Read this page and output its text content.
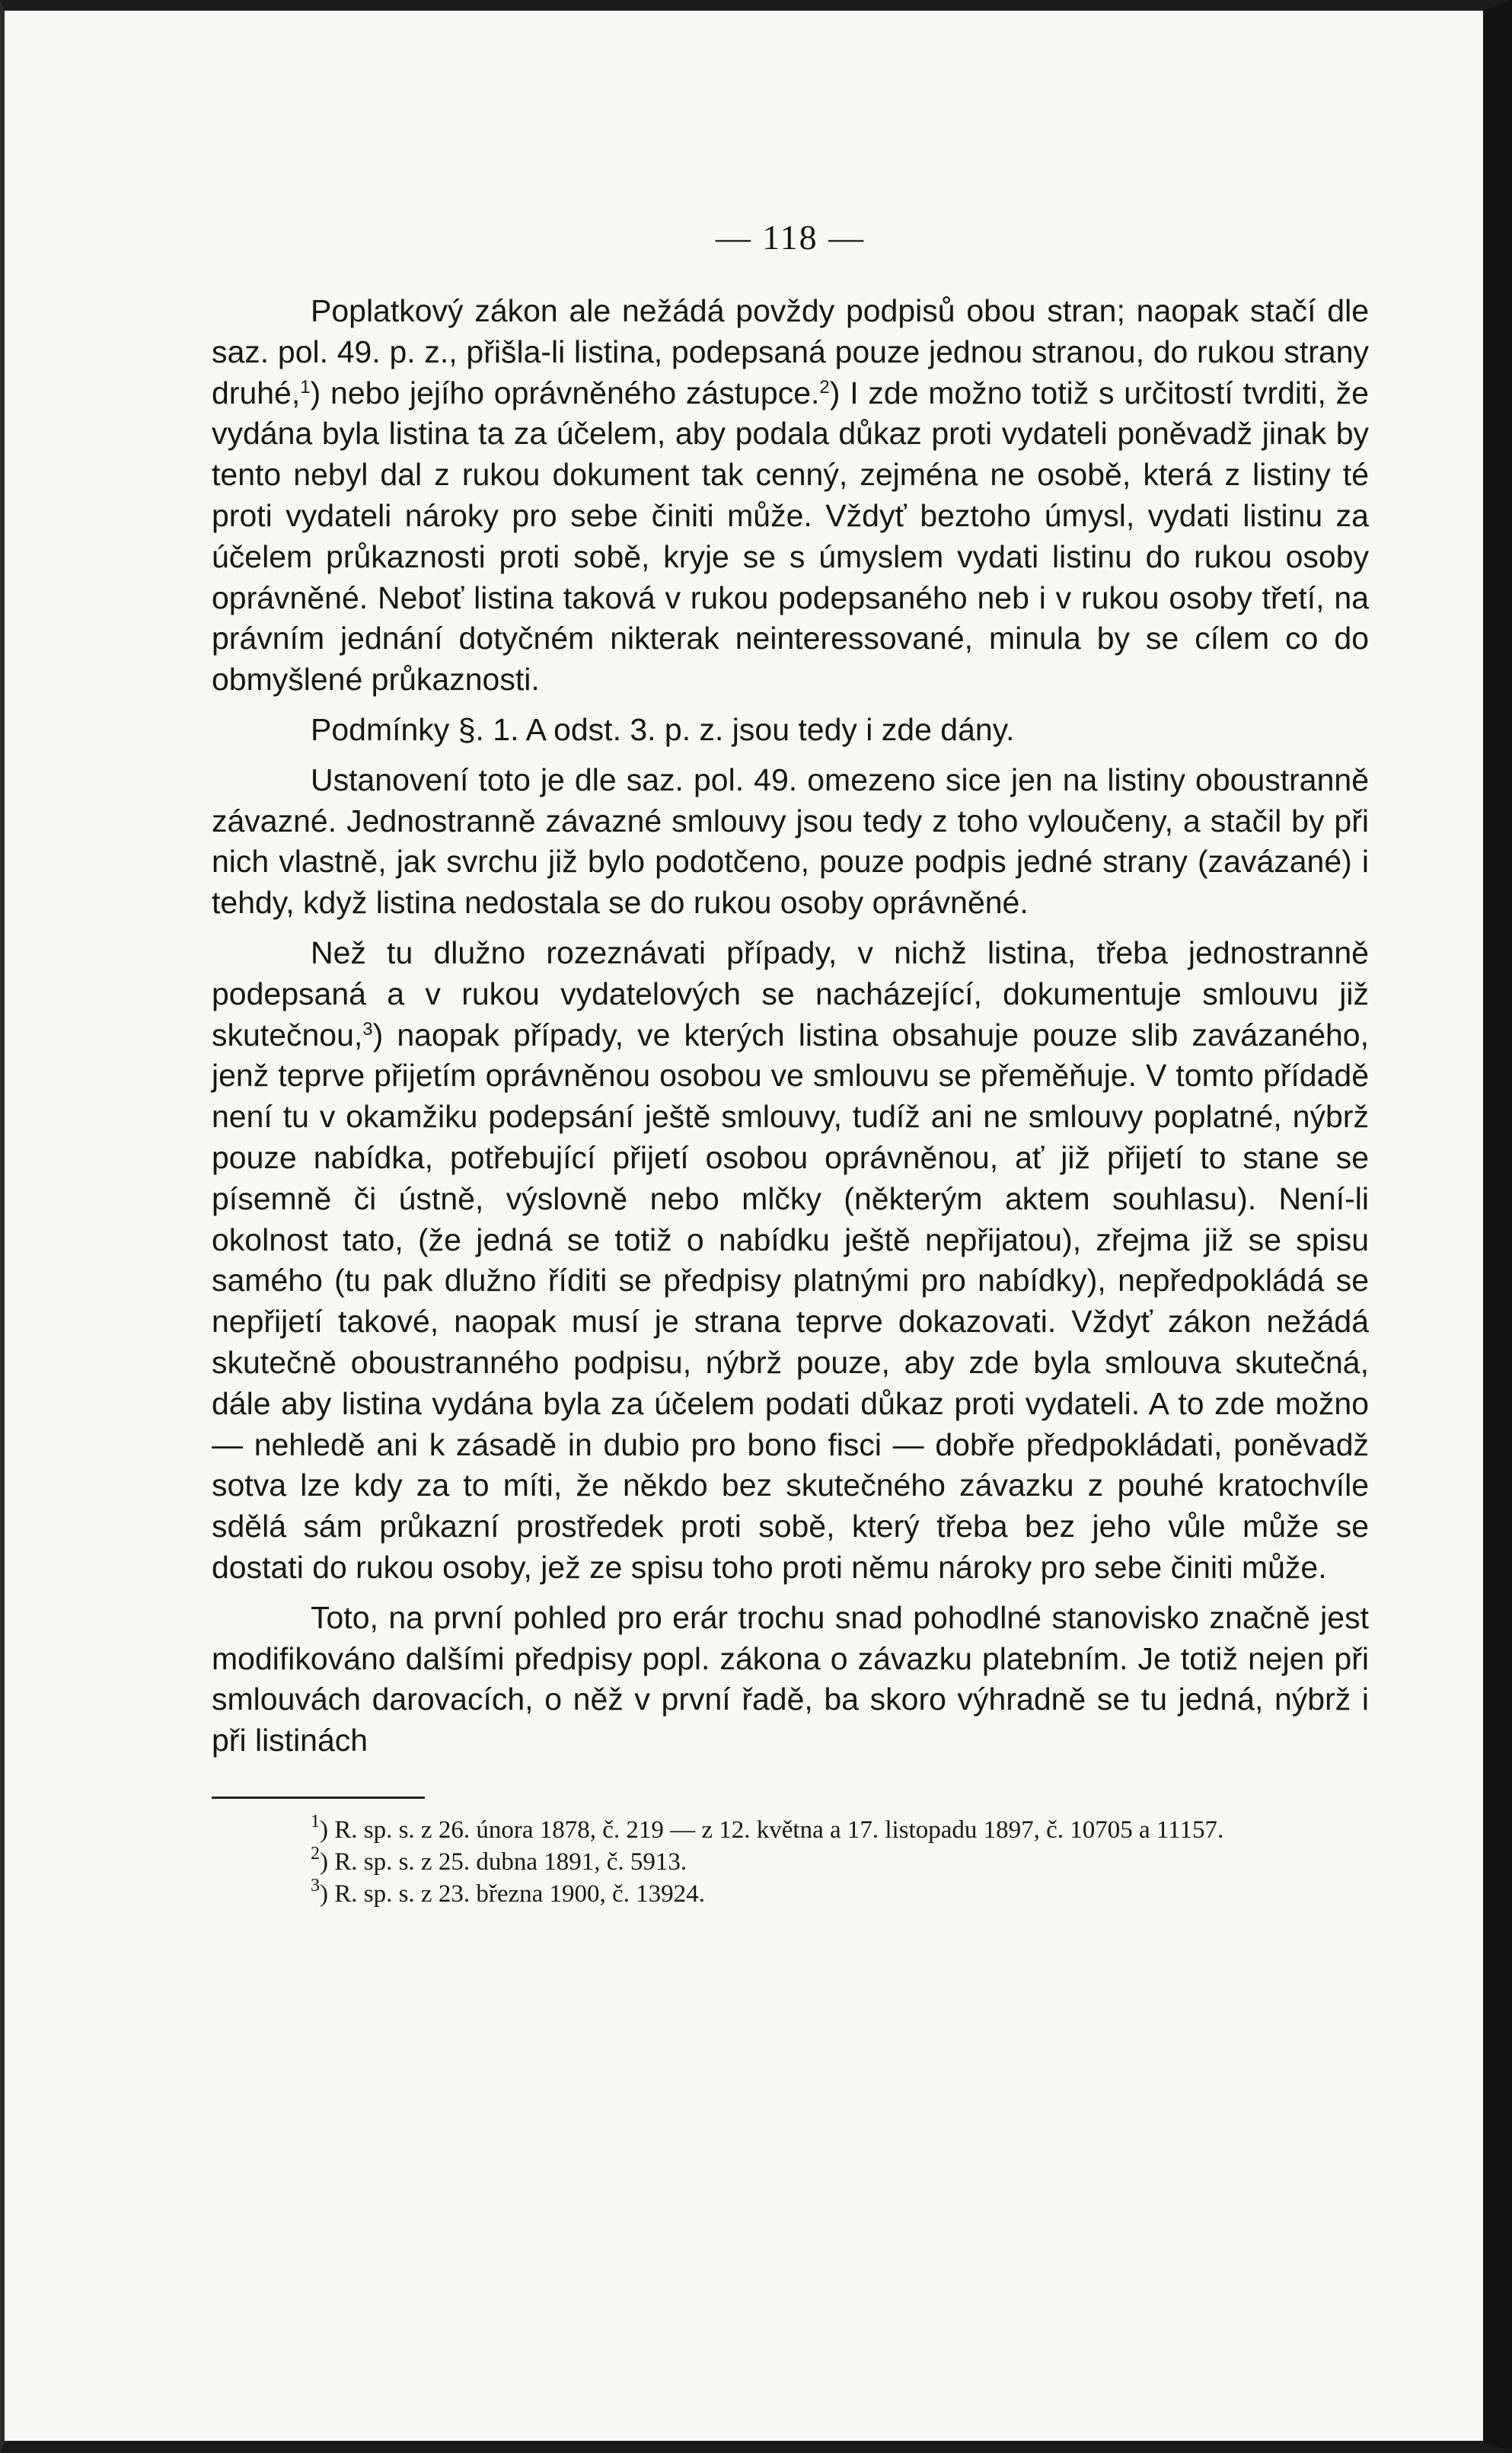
— 118 —

Poplatkový zákon ale nežádá povždy podpisů obou stran; naopak stačí dle saz. pol. 49. p. z., přišla-li listina, podepsaná pouze jednou stranou, do rukou strany druhé,$^1$) nebo jejího oprávněného zástupce.$^2$) I zde možno totiž s určitostí tvrditi, že vydána byla listina ta za účelem, aby podala důkaz proti vydateli poněvadž jinak by tento nebyl dal z rukou dokument tak cenný, zejména ne osobě, která z listiny té proti vydateli nároky pro sebe činiti může. Vždyť beztoho úmysl, vydati listinu za účelem průkaznosti proti sobě, kryje se s úmyslem vydati listinu do rukou osoby oprávněné. Neboť listina taková v rukou podepsaného neb i v rukou osoby třetí, na právním jednání dotyčném nikterak neinteressované, minula by se cílem co do obmyšlené průkaznosti.

Podmínky §. 1. A odst. 3. p. z. jsou tedy i zde dány.

Ustanovení toto je dle saz. pol. 49. omezeno sice jen na listiny oboustranně závazné. Jednostranně závazné smlouvy jsou tedy z toho vyloučeny, a stačil by při nich vlastně, jak svrchu již bylo podotčeno, pouze podpis jedné strany (zavázané) i tehdy, když listina nedostala se do rukou osoby oprávněné.

Než tu dlužno rozeznávati případy, v nichž listina, třeba jednostranně podepsaná a v rukou vydatelových se nacházející, dokumentuje smlouvu již skutečnou,$^3$) naopak případy, ve kterých listina obsahuje pouze slib zavázaného, jenž teprve přijetím oprávněnou osobou ve smlouvu se přeměňuje. V tomto přídadě není tu v okamžiku podepsání ještě smlouvy, tudíž ani ne smlouvy poplatné, nýbrž pouze nabídka, potřebující přijetí osobou oprávněnou, ať již přijetí to stane se písemně či ústně, výslovně nebo mlčky (některým aktem souhlasu). Není-li okolnost tato, (že jedná se totiž o nabídku ještě nepřijatou), zřejma již se spisu samého (tu pak dlužno říditi se předpisy platnými pro nabídky), nepředpokládá se nepřijetí takové, naopak musí je strana teprve dokazovati. Vždyť zákon nežádá skutečně oboustranného podpisu, nýbrž pouze, aby zde byla smlouva skutečná, dále aby listina vydána byla za účelem podati důkaz proti vydateli. A to zde možno — nehledě ani k zásadě in dubio pro bono fisci — dobře předpokládati, poněvadž sotva lze kdy za to míti, že někdo bez skutečného závazku z pouhé kratochvíle sdělá sám průkazní prostředek proti sobě, který třeba bez jeho vůle může se dostati do rukou osoby, jež ze spisu toho proti němu nároky pro sebe činiti může.

Toto, na první pohled pro erár trochu snad pohodlné stanovisko značně jest modifikováno dalšími předpisy popl. zákona o závazku platebním. Je totiž nejen při smlouvách darovacích, o něž v první řadě, ba skoro výhradně se tu jedná, nýbrž i při listinách

$^1$) R. sp. s. z 26. února 1878, č. 219 — z 12. května a 17. listopadu 1897, č. 10705 a 11157.

$^2$) R. sp. s. z 25. dubna 1891, č. 5913.

$^3$) R. sp. s. z 23. března 1900, č. 13924.
